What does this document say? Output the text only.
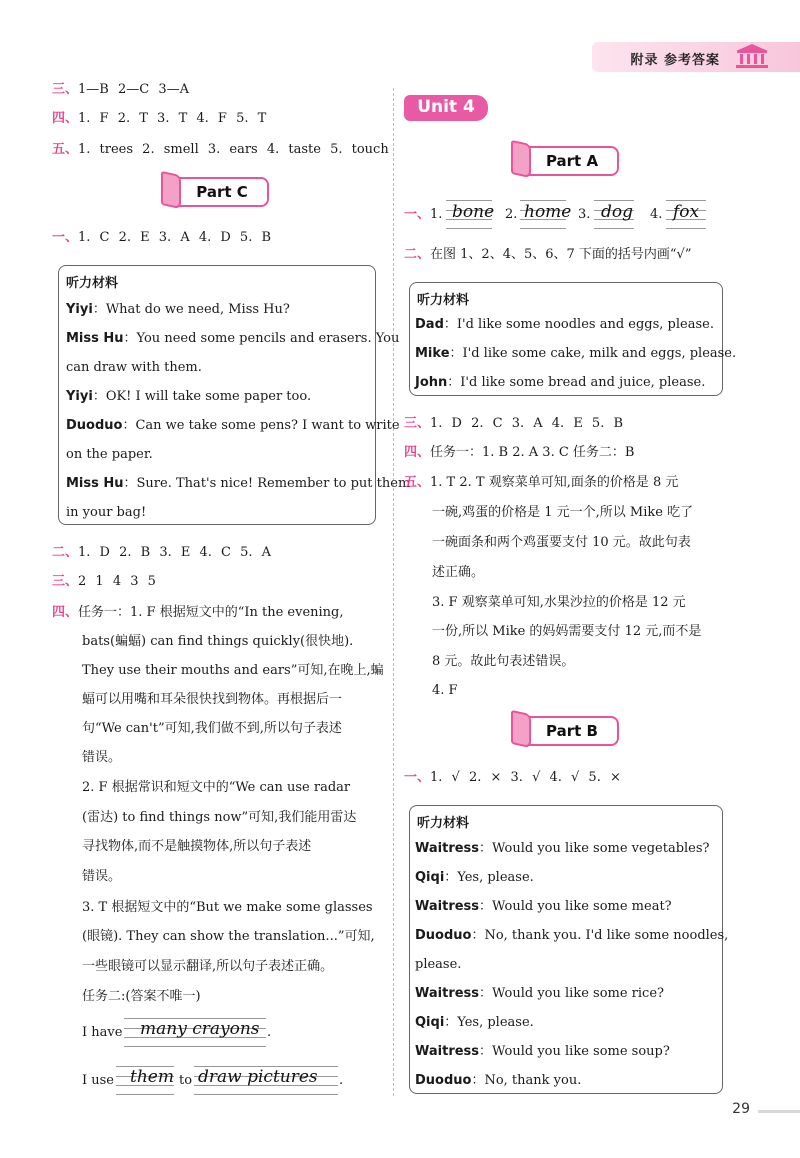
附录 参考答案
三、1—B 2—C 3—A
四、1. F 2. T 3. T 4. F 5. T
五、1. trees 2. smell 3. ears 4. taste 5. touch
Part C
一、1. C 2. E 3. A 4. D 5. B
听力材料
Yiyi：What do we need, Miss Hu?
Miss Hu：You need some pencils and erasers. You
can draw with them.
Yiyi：OK! I will take some paper too.
Duoduo：Can we take some pens? I want to write
on the paper.
Miss Hu：Sure. That's nice! Remember to put them
in your bag!
二、1. D 2. B 3. E 4. C 5. A
三、2 1 4 3 5
四、任务一：1. F 根据短文中的“In the evening,
bats(蝙蝠) can find things quickly(很快地).
They use their mouths and ears”可知,在晚上,蝙
蝠可以用嘴和耳朵很快找到物体。再根据后一
句“We can't”可知,我们做不到,所以句子表述
错误。
2. F 根据常识和短文中的“We can use radar
(雷达) to find things now”可知,我们能用雷达
寻找物体,而不是触摸物体,所以句子表述
错误。
3. T 根据短文中的“But we make some glasses
(眼镜). They can show the translation...”可知,
一些眼镜可以显示翻译,所以句子表述正确。
任务二:(答案不唯一)
I have many crayons .
I use them to draw pictures .
Unit 4
Part A
一、1. bone 2. home 3. dog 4. fox
二、在图 1、2、4、5、6、7 下面的括号内画“√”
听力材料
Dad：I'd like some noodles and eggs, please.
Mike：I'd like some cake, milk and eggs, please.
John：I'd like some bread and juice, please.
三、1. D 2. C 3. A 4. E 5. B
四、任务一：1. B 2. A 3. C 任务二：B
五、1. T 2. T 观察菜单可知,面条的价格是 8 元
一碗,鸡蛋的价格是 1 元一个,所以 Mike 吃了
一碗面条和两个鸡蛋要支付 10 元。故此句表
述正确。
3. F 观察菜单可知,水果沙拉的价格是 12 元
一份,所以 Mike 的妈妈需要支付 12 元,而不是
8 元。故此句表述错误。
4. F
Part B
一、1. √ 2. × 3. √ 4. √ 5. ×
听力材料
Waitress：Would you like some vegetables?
Qiqi：Yes, please.
Waitress：Would you like some meat?
Duoduo：No, thank you. I'd like some noodles,
please.
Waitress：Would you like some rice?
Qiqi：Yes, please.
Waitress：Would you like some soup?
Duoduo：No, thank you.
29
